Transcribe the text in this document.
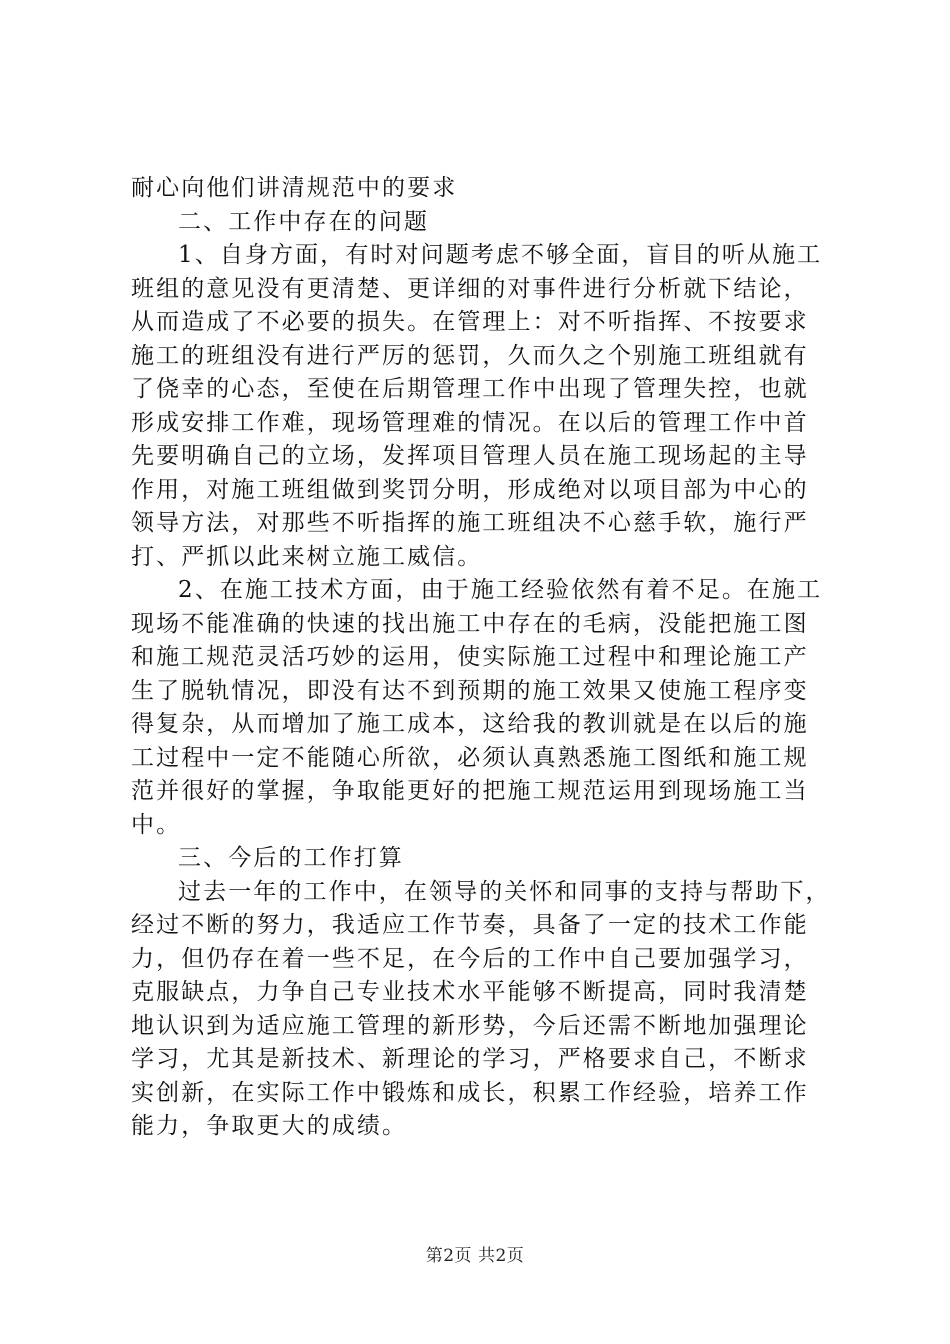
耐心向他们讲清规范中的要求
二、工作中存在的问题
1、自身方面，有时对问题考虑不够全面，盲目的听从施工
班组的意见没有更清楚、更详细的对事件进行分析就下结论，
从而造成了不必要的损失。在管理上：对不听指挥、不按要求
施工的班组没有进行严厉的惩罚，久而久之个别施工班组就有
了侥幸的心态，至使在后期管理工作中出现了管理失控，也就
形成安排工作难，现场管理难的情况。在以后的管理工作中首
先要明确自己的立场，发挥项目管理人员在施工现场起的主导
作用，对施工班组做到奖罚分明，形成绝对以项目部为中心的
领导方法，对那些不听指挥的施工班组决不心慈手软，施行严
打、严抓以此来树立施工威信。
2、在施工技术方面，由于施工经验依然有着不足。在施工
现场不能准确的快速的找出施工中存在的毛病，没能把施工图
和施工规范灵活巧妙的运用，使实际施工过程中和理论施工产
生了脱轨情况，即没有达不到预期的施工效果又使施工程序变
得复杂，从而增加了施工成本，这给我的教训就是在以后的施
工过程中一定不能随心所欲，必须认真熟悉施工图纸和施工规
范并很好的掌握，争取能更好的把施工规范运用到现场施工当
中。
三、今后的工作打算
过去一年的工作中，在领导的关怀和同事的支持与帮助下，
经过不断的努力，我适应工作节奏，具备了一定的技术工作能
力，但仍存在着一些不足，在今后的工作中自己要加强学习，
克服缺点，力争自己专业技术水平能够不断提高，同时我清楚
地认识到为适应施工管理的新形势，今后还需不断地加强理论
学习，尤其是新技术、新理论的学习，严格要求自己，不断求
实创新，在实际工作中锻炼和成长，积累工作经验，培养工作
能力，争取更大的成绩。
第2页 共2页
